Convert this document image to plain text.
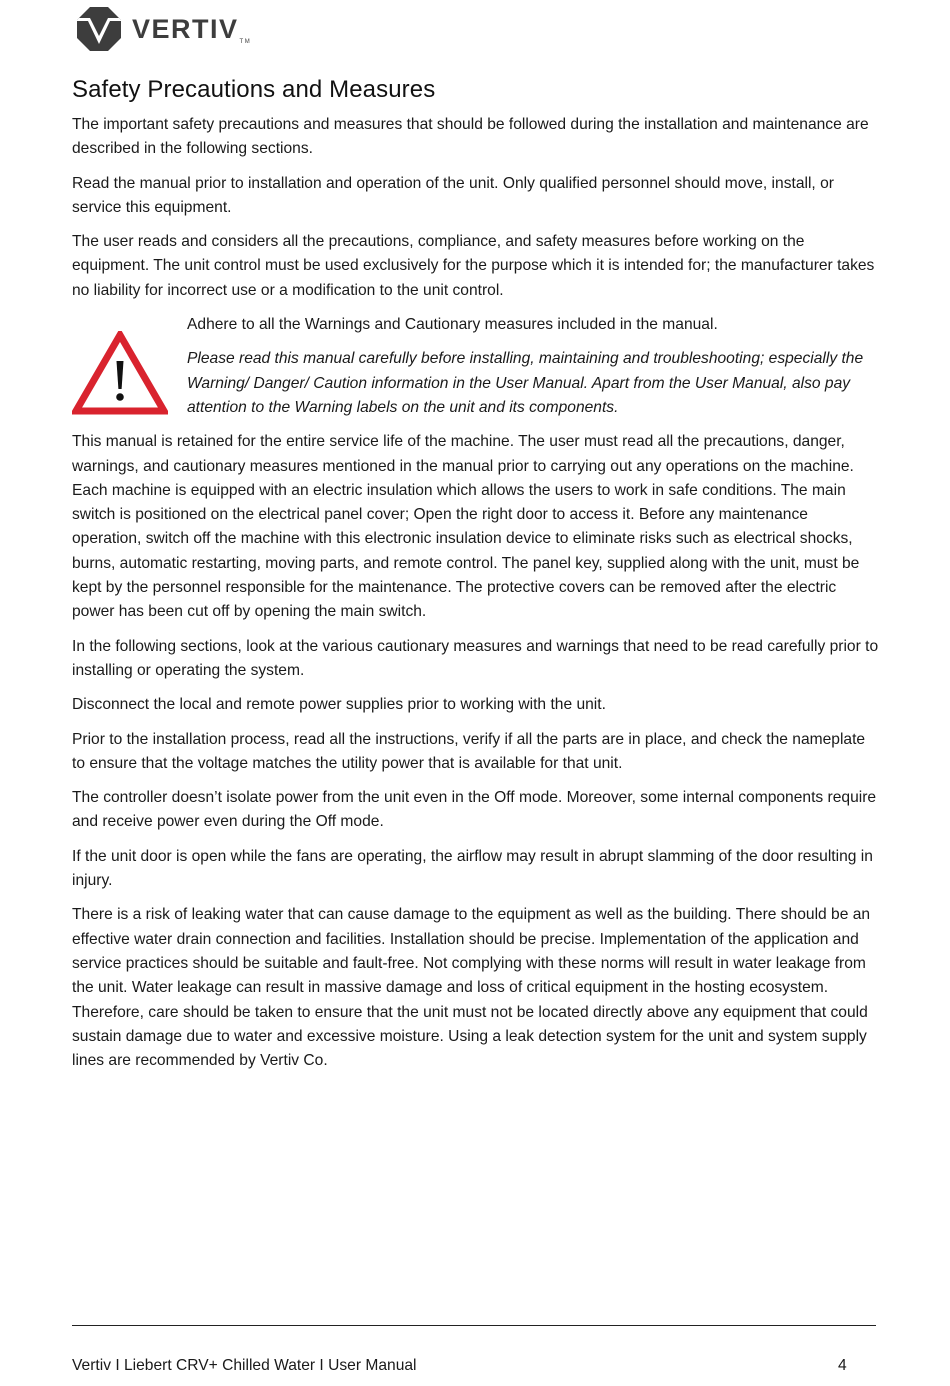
VERTIVTM
Safety Precautions and Measures

The important safety precautions and measures that should be followed during the installation and maintenance are described in the following sections.

Read the manual prior to installation and operation of the unit. Only qualified personnel should move, install, or service this equipment.

The user reads and considers all the precautions, compliance, and safety measures before working on the equipment. The unit control must be used exclusively for the purpose which it is intended for; the manufacturer takes no liability for incorrect use or a modification to the unit control.

Adhere to all the Warnings and Cautionary measures included in the manual.

Please read this manual carefully before installing, maintaining and troubleshooting; especially the Warning/ Danger/ Caution information in the User Manual. Apart from the User Manual, also pay attention to the Warning labels on the unit and its components.

This manual is retained for the entire service life of the machine. The user must read all the precautions, danger, warnings, and cautionary measures mentioned in the manual prior to carrying out any operations on the machine. Each machine is equipped with an electric insulation which allows the users to work in safe conditions. The main switch is positioned on the electrical panel cover; Open the right door to access it. Before any maintenance operation, switch off the machine with this electronic insulation device to eliminate risks such as electrical shocks, burns, automatic restarting, moving parts, and remote control. The panel key, supplied along with the unit, must be kept by the personnel responsible for the maintenance. The protective covers can be removed after the electric power has been cut off by opening the main switch.

In the following sections, look at the various cautionary measures and warnings that need to be read carefully prior to installing or operating the system.

Disconnect the local and remote power supplies prior to working with the unit.

Prior to the installation process, read all the instructions, verify if all the parts are in place, and check the nameplate to ensure that the voltage matches the utility power that is available for that unit.

The controller doesn’t isolate power from the unit even in the Off mode. Moreover, some internal components require and receive power even during the Off mode.

If the unit door is open while the fans are operating, the airflow may result in abrupt slamming of the door resulting in injury.

There is a risk of leaking water that can cause damage to the equipment as well as the building. There should be an effective water drain connection and facilities. Installation should be precise. Implementation of the application and service practices should be suitable and fault-free. Not complying with these norms will result in water leakage from the unit. Water leakage can result in massive damage and loss of critical equipment in the hosting ecosystem. Therefore, care should be taken to ensure that the unit must not be located directly above any equipment that could sustain damage due to water and excessive moisture. Using a leak detection system for the unit and system supply lines are recommended by Vertiv Co.

Vertiv I Liebert CRV+ Chilled Water I User Manual	4
